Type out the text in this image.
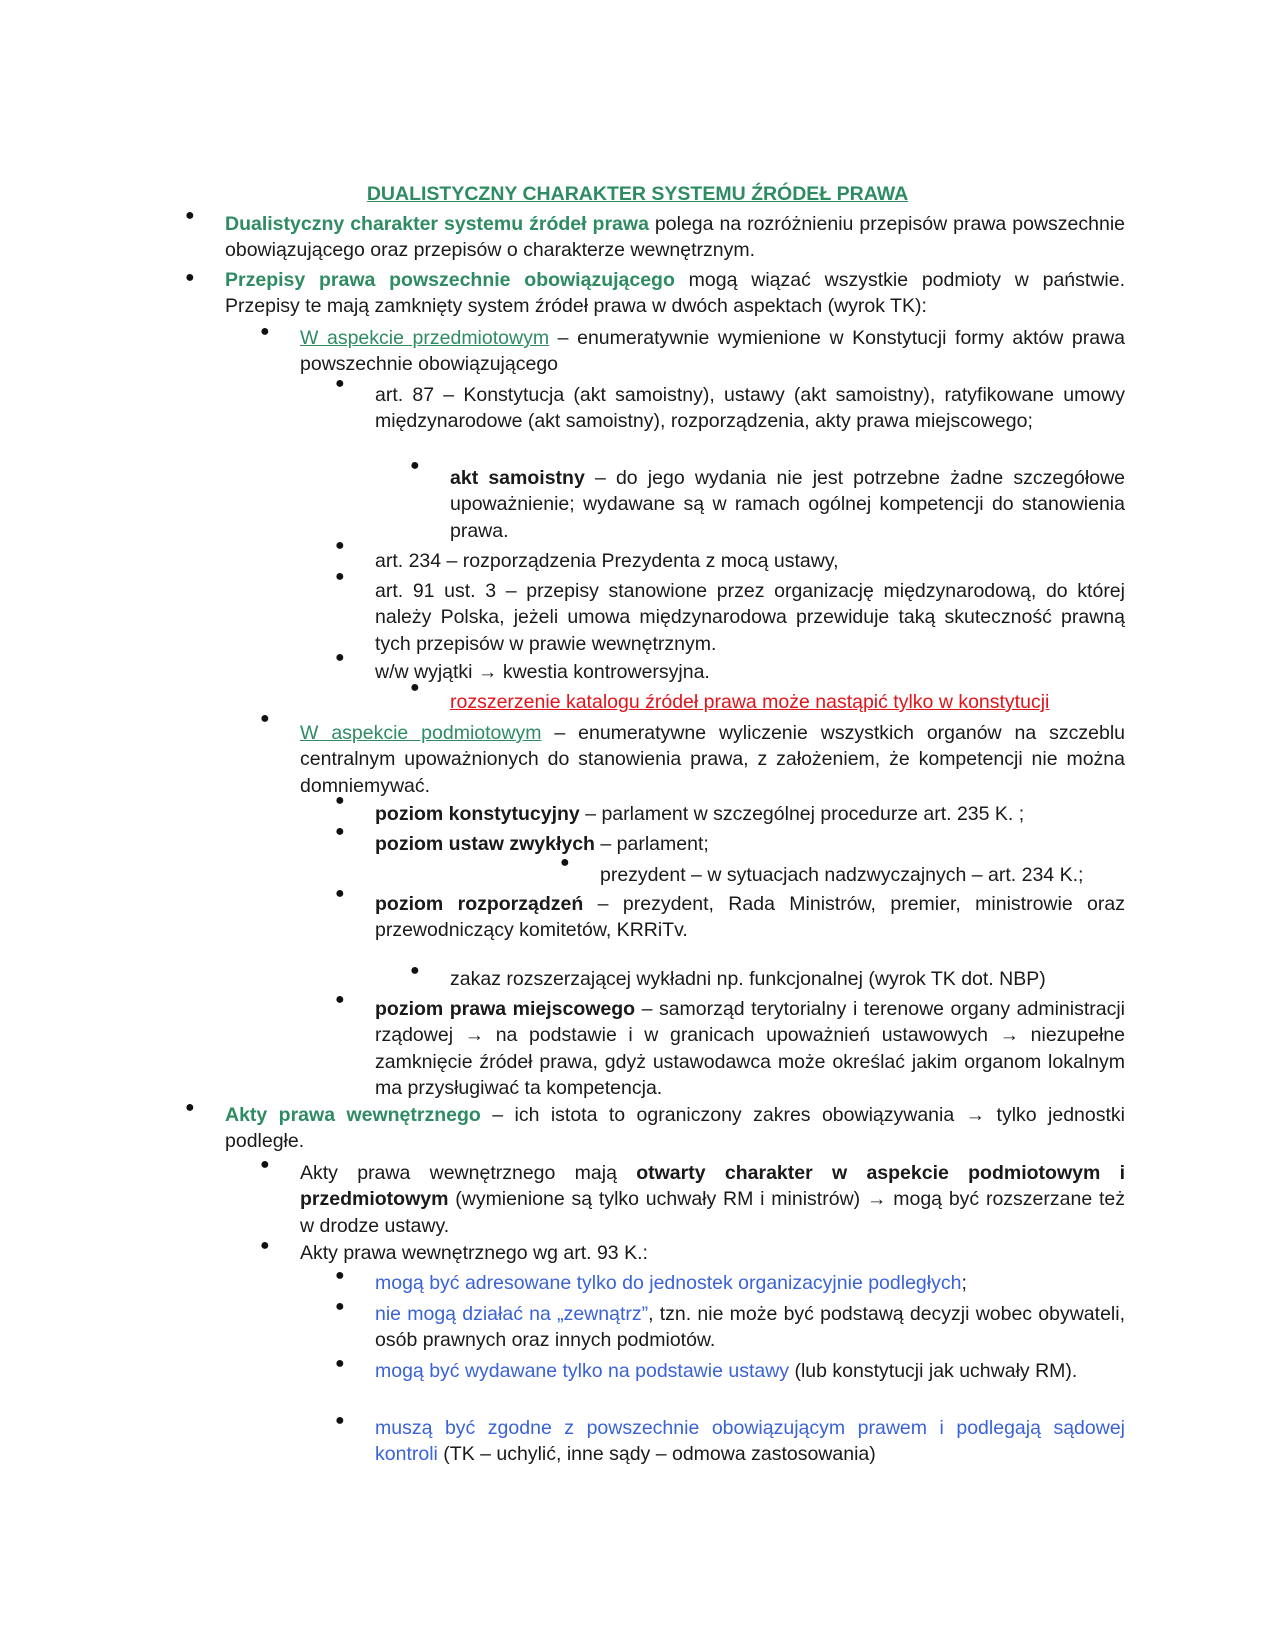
DUALISTYCZNY CHARAKTER SYSTEMU ŹRÓDEŁ PRAWA
● Dualistyczny charakter systemu źródeł prawa polega na rozróżnieniu przepisów prawa powszechnie obowiązującego oraz przepisów o charakterze wewnętrznym.
● Przepisy prawa powszechnie obowiązującego mogą wiązać wszystkie podmioty w państwie. Przepisy te mają zamknięty system źródeł prawa w dwóch aspektach (wyrok TK):
● W aspekcie przedmiotowym – enumeratywnie wymienione w Konstytucji formy aktów prawa powszechnie obowiązującego
●
art. 87 – Konstytucja (akt samoistny), ustawy (akt samoistny), ratyfikowane umowy międzynarodowe (akt samoistny), rozporządzenia, akty prawa miejscowego;
●
akt samoistny – do jego wydania nie jest potrzebne żadne szczegółowe upoważnienie; wydawane są w ramach ogólnej kompetencji do stanowienia prawa.
●
art. 234 – rozporządzenia Prezydenta z mocą ustawy,
●
art. 91 ust. 3 – przepisy stanowione przez organizację międzynarodową, do której należy Polska, jeżeli umowa międzynarodowa przewiduje taką skuteczność prawną tych przepisów w prawie wewnętrznym.
●
w/w wyjątki → kwestia kontrowersyjna.
●
rozszerzenie katalogu źródeł prawa może nastąpić tylko w konstytucji
●
W aspekcie podmiotowym – enumeratywne wyliczenie wszystkich organów na szczeblu centralnym upoważnionych do stanowienia prawa, z założeniem, że kompetencji nie można domniemywać.
●
poziom konstytucyjny – parlament w szczególnej procedurze art. 235 K. ;
●
poziom ustaw zwykłych – parlament;
●
prezydent – w sytuacjach nadzwyczajnych – art. 234 K.;
● poziom rozporządzeń – prezydent, Rada Ministrów, premier, ministrowie oraz przewodniczący komitetów, KRRiTv.
● zakaz rozszerzającej wykładni np. funkcjonalnej (wyrok TK dot. NBP)
● poziom prawa miejscowego – samorząd terytorialny i terenowe organy administracji rządowej → na podstawie i w granicach upoważnień ustawowych → niezupełne zamknięcie źródeł prawa, gdyż ustawodawca może określać jakim organom lokalnym ma przysługiwać ta kompetencja.
● Akty prawa wewnętrznego – ich istota to ograniczony zakres obowiązywania → tylko jednostki podległe.
● Akty prawa wewnętrznego mają otwarty charakter w aspekcie podmiotowym i przedmiotowym (wymienione są tylko uchwały RM i ministrów) → mogą być rozszerzane też w drodze ustawy.
● Akty prawa wewnętrznego wg art. 93 K.:
● mogą być adresowane tylko do jednostek organizacyjnie podległych;
● nie mogą działać na „zewnątrz”, tzn. nie może być podstawą decyzji wobec obywateli, osób prawnych oraz innych podmiotów.
● mogą być wydawane tylko na podstawie ustawy (lub konstytucji jak uchwały RM).
● muszą być zgodne z powszechnie obowiązującym prawem i podlegają sądowej kontroli (TK – uchylić, inne sądy – odmowa zastosowania)
